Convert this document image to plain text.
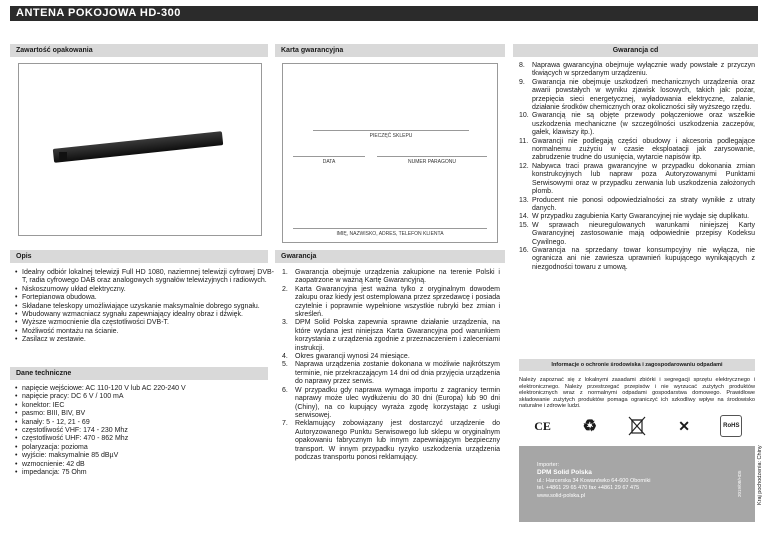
ANTENA POKOJOWA HD-300
Zawartość opakowania	Karta gwarancyjna	Gwarancja cd
PIECZĘĆ SKLEPU
DATA	NUMER PARAGONU
IMIĘ, NAZWISKO, ADRES, TELEFON KLIENTA
Opis
• Idealny odbiór lokalnej telewizji Full HD 1080, naziemnej telewizji cyfrowej DVB-T, radia cyfrowego DAB oraz analogowych sygnałów telewizyjnych i radiowych.
• Niskoszumowy układ elektryczny.
• Fortepianowa obudowa.
• Składane teleskopy umożliwiające uzyskanie maksymalnie dobrego sygnału.
• Wbudowany wzmacniacz sygnału zapewniający idealny obraz i dźwięk.
• Wyższe wzmocnienie dla częstotliwości DVB-T.
• Możliwość montażu na ścianie.
• Zasilacz w zestawie.
Dane techniczne
• napięcie wejściowe: AC 110-120 V lub AC 220-240 V
• napięcie pracy: DC 6 V / 100 mA
• konektor: IEC
• pasmo: BIII, BIV, BV
• kanały: 5 - 12, 21 - 69
• częstotliwość VHF: 174 - 230 Mhz
• częstotliwość UHF: 470 - 862 Mhz
• polaryzacja: pozioma
• wyjście: maksymalnie 85 dBµV
• wzmocnienie: 42 dB
• impedancja: 75 Ohm
Gwarancja
1. Gwarancja obejmuje urządzenia zakupione na terenie Polski i zaopatrzone w ważną Kartę Gwarancyjną.
2. Karta Gwarancyjna jest ważna tylko z oryginalnym dowodem zakupu oraz kiedy jest ostemplowana przez sprzedawcę i posiada czytelnie i poprawnie wypełnione wszystkie rubryki bez zmian i skreśleń.
3. DPM Solid Polska zapewnia sprawne działanie urządzenia, na które wydana jest niniejsza Karta Gwarancyjna pod warunkiem korzystania z urządzenia zgodnie z przeznaczeniem i zaleceniami instrukcji.
4. Okres gwarancji wynosi 24 miesiące.
5. Naprawa urządzenia zostanie dokonana w możliwie najkrótszym terminie, nie przekraczającym 14 dni od dnia przyjęcia urządzenia do naprawy przez serwis.
6. W przypadku gdy naprawa wymaga importu z zagranicy termin naprawy może ulec wydłużeniu do 30 dni (Europa) lub 90 dni (Chiny), na co kupujący wyraża zgodę korzystając z usługi serwisowej.
7. Reklamujący zobowiązany jest dostarczyć urządzenie do Autoryzowanego Punktu Serwisowego lub sklepu w oryginalnym opakowaniu fabrycznym lub innym zapewniającym bezpieczny transport. W innym przypadku ryzyko uszkodzenia urządzenia podczas transportu ponosi reklamujący.
8. Naprawa gwarancyjna obejmuje wyłącznie wady powstałe z przyczyn tkwiących w sprzedanym urządzeniu.
9. Gwarancja nie obejmuje uszkodzeń mechanicznych urządzenia oraz awarii powstałych w wyniku zjawisk losowych, takich jak: pożar, przepięcia sieci energetycznej, wyładowania elektryczne, zalanie, działanie środków chemicznych oraz okoliczności siły wyższego rzędu.
10. Gwarancją nie są objęte przewody połączeniowe oraz wszelkie uszkodzenia mechaniczne (w szczególności uszkodzenia zaczepów, gałek, klawiszy itp.).
11. Gwarancji nie podlegają części obudowy i akcesoria podlegające normalnemu zużyciu w czasie eksploatacji jak zarysowanie, zabrudzenie trudne do usunięcia, wytarcie napisów itp.
12. Nabywca traci prawa gwarancyjne w przypadku dokonania zmian konstrukcyjnych lub napraw poza Autoryzowanymi Punktami Serwisowymi oraz w przypadku zerwania lub uszkodzenia założonych plomb.
13. Producent nie ponosi odpowiedzialności za straty wynikłe z utraty danych.
14. W przypadku zagubienia Karty Gwarancyjnej nie wydaje się duplikatu.
15. W sprawach nieuregulowanych warunkami niniejszej Karty Gwarancyjnej zastosowanie mają odpowiednie przepisy Kodeksu Cywilnego.
16. Gwarancja na sprzedany towar konsumpcyjny nie wyłącza, nie ogranicza ani nie zawiesza uprawnień kupującego wynikających z niezgodności towaru z umową.
Informacje o ochronie środowiska i zagospodarowaniu odpadami
Należy zapoznać się z lokalnymi zasadami zbiórki i segregacji sprzętu elektrycznego i elektronicznego. Należy przestrzegać przepisów i nie wyrzucać zużytych produktów elektronicznych wraz z normalnymi odpadami gospodarstwa domowego. Prawidłowe składowanie zużytych produktów pomaga ograniczyć ich szkodliwy wpływ na środowisko naturalne i zdrowie ludzi.
CE ♻	✕	RoHS
Importer:
DPM Solid Polska
ul.: Harcerska 34 Kowanówko 64-600 Oborniki
tel. +4861 29 65 470 fax +4861 29 67 475
www.solid-polska.pl	2019/08/HD5	Kraj pochodzenia: Chiny
